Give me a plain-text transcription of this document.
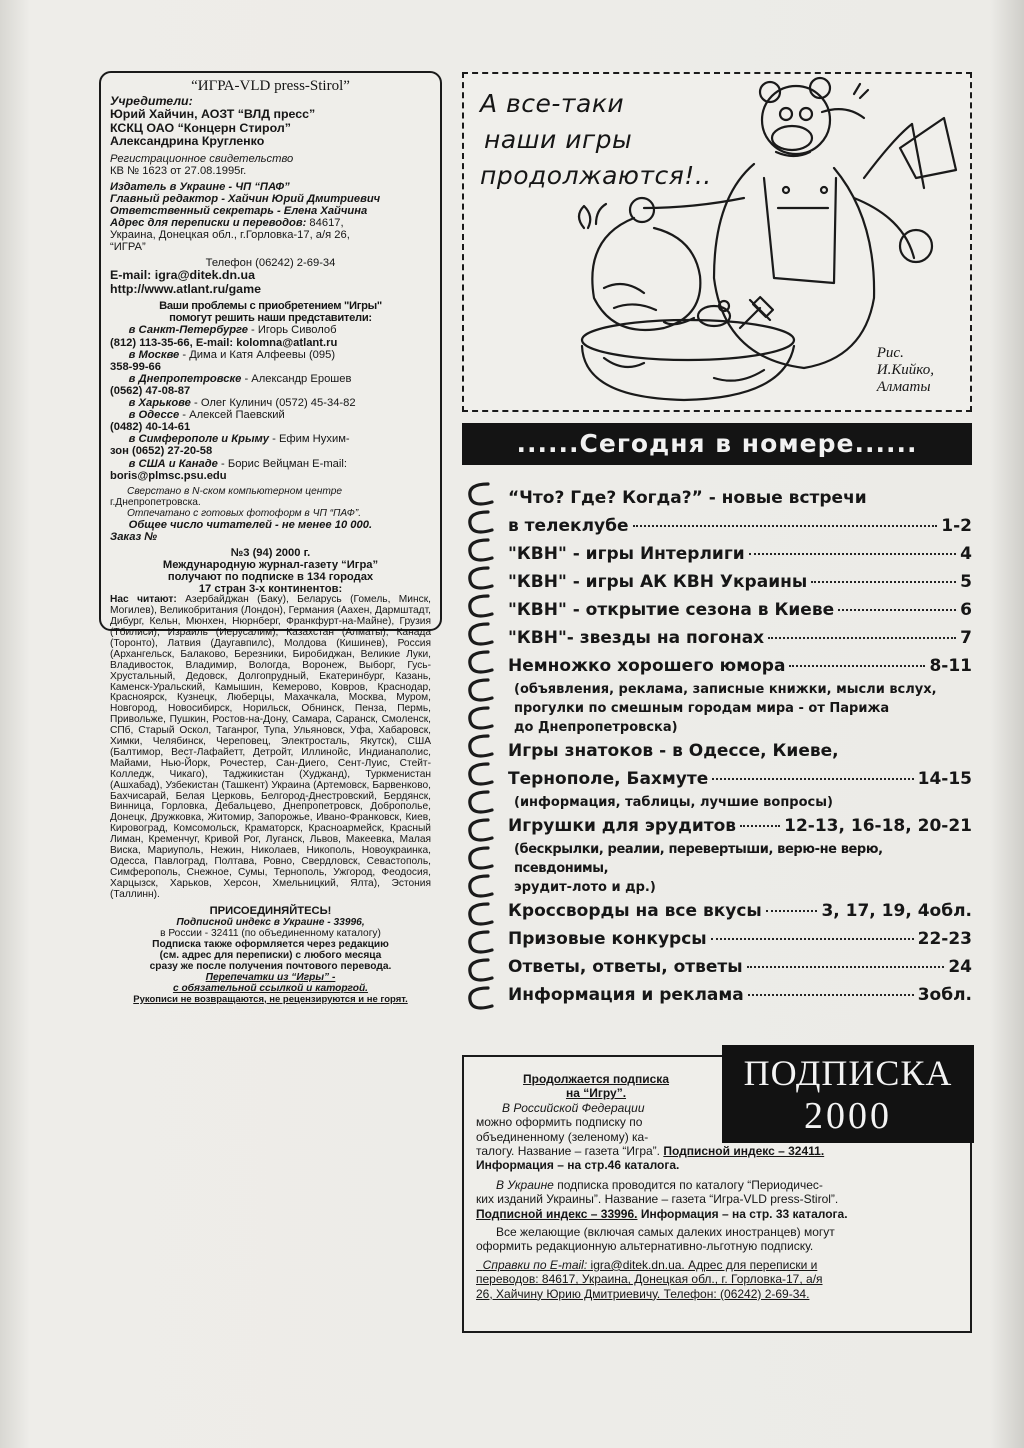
“ИГРА-VLD press-Stirol”

Учредители:

Юрий Хайчин, АОЗТ “ВЛД пресс”

КСКЦ ОАО “Концерн Стирол”

Александрина Кругленко

Регистрационное свидетельство

КВ № 1623 от 27.08.1995г.

Издатель в Украине - ЧП “ПАФ”

Главный редактор - Хайчин Юрий Дмитриевич

Ответственный секретарь - Елена Хайчина

Адрес для переписки и переводов: 84617,

Украина, Донецкая обл., г.Горловка-17, а/я 26,

“ИГРА”

Телефон (06242) 2-69-34

E-mail: igra@ditek.dn.ua

http://www.atlant.ru/game

Ваши проблемы с приобретением "Игры"

помогут решить наши представители:

в Санкт-Петербурге - Игорь Сиволоб

(812) 113-35-66, E-mail: kolomna@atlant.ru

в Москве - Дима и Катя Алфеевы (095)

358-99-66

в Днепропетровске - Александр Ерошев

(0562) 47-08-87

в Харькове - Олег Кулинич (0572) 45-34-82

в Одессе - Алексей Паевский

(0482) 40-14-61

в Симферополе и Крыму - Ефим Нухим-

зон (0652) 27-20-58

в США и Канаде - Борис Вейцман E-mail:

boris@plmsc.psu.edu

Сверстано в N-ском компьютерном центре

г.Днепропетровска.

Отпечатано с готовых фотоформ в ЧП “ПАФ”.

Общее число читателей - не менее 10 000.

Заказ №

№3 (94) 2000 г.

Международную журнал-газету “Игра”

получают по подписке в 134 городах

17 стран 3-х континентов:

Нас читают: Азербайджан (Баку), Беларусь (Гомель, Минск, Могилев), Великобритания (Лондон), Германия (Аахен, Дармштадт, Дибург, Кельн, Мюнхен, Нюрнберг, Франкфурт-на-Майне), Грузия (Тбилиси), Израиль (Иерусалим), Казахстан (Алматы), Канада (Торонто), Латвия (Даугавпилс), Молдова (Кишинев), Россия (Архангельск, Балаково, Березники, Биробиджан, Великие Луки, Владивосток, Владимир, Вологда, Воронеж, Выборг, Гусь-Хрустальный, Дедовск, Долгопрудный, Екатеринбург, Казань, Каменск-Уральский, Камышин, Кемерово, Ковров, Краснодар, Красноярск, Кузнецк, Люберцы, Махачкала, Москва, Муром, Новгород, Новосибирск, Норильск, Обнинск, Пенза, Пермь, Привольже, Пушкин, Ростов-на-Дону, Самара, Саранск, Смоленск, СПб, Старый Оскол, Таганрог, Тупа, Ульяновск, Уфа, Хабаровск, Химки, Челябинск, Череповец, Электросталь, Якутск), США (Балтимор, Вест-Лафайетт, Детройт, Иллинойс, Индианаполис, Майами, Нью-Йорк, Рочестер, Сан-Диего, Сент-Луис, Стейт-Колледж, Чикаго), Таджикистан (Худжанд), Туркменистан (Ашхабад), Узбекистан (Ташкент) Украина (Артемовск, Барвенково, Бахчисарай, Белая Церковь, Белгород-Днестровский, Бердянск, Винница, Горловка, Дебальцево, Днепропетровск, Доброполье, Донецк, Дружковка, Житомир, Запорожье, Ивано-Франковск, Киев, Кировоград, Комсомольск, Краматорск, Красноармейск, Красный Лиман, Кременчуг, Кривой Рог, Луганск, Львов, Макеевка, Малая Виска, Мариуполь, Нежин, Николаев, Никополь, Новоукраинка, Одесса, Павлоград, Полтава, Ровно, Свердловск, Севастополь, Симферополь, Снежное, Сумы, Тернополь, Ужгород, Феодосия, Харцызск, Харьков, Херсон, Хмельницкий, Ялта), Эстония (Таллинн).

ПРИСОЕДИНЯЙТЕСЬ!

Подписной индекс в Украине - 33996,

в России - 32411 (по объединенному каталогу)

Подписка также оформляется через редакцию

(см. адрес для переписки) с любого месяца

сразу же после получения почтового перевода.

Перепечатки из “Игры” -

с обязательной ссылкой и каторгой.

Рукописи не возвращаются, не рецензируются и не горят.

А все-таки
наши игры
продолжаются!..
Рис.
И.Кийко,
Алматы
......Сегодня в номере......
“Что? Где? Когда?” - новые встречи
в телеклубе	1-2
"КВН" - игры Интерлиги	4
"КВН" - игры АК КВН Украины	5
"КВН" - открытие сезона в Киеве	6
"КВН"- звезды на погонах	7
Немножко хорошего юмора	8-11
(объявления, реклама, записные книжки, мысли вслух,
прогулки по смешным городам мира - от Парижа
до Днепропетровска)
Игры знатоков - в Одессе, Киеве,
Тернополе, Бахмуте	14-15
(информация, таблицы, лучшие вопросы)
Игрушки для эрудитов	12-13, 16-18, 20-21
(бескрылки, реалии, перевертыши, верю-не верю, псевдонимы,
эрудит-лото и др.)
Кроссворды на все вкусы	3, 17, 19, 4обл.
Призовые конкурсы	22-23
Ответы, ответы, ответы	24
Информация и реклама	3обл.
ПОДПИСКА
2000

Продолжается подписка

на “Игру”.

В Российской Федерации

можно оформить подписку по

объединенному (зеленому) ка-

талогу. Название – газета “Игра”. Подписной индекс – 32411.

Информация – на стр.46 каталога.

В Украине подписка проводится по каталогу “Периодичес-

ких изданий Украины”. Название – газета “Игра-VLD press-Stirol”.

Подписной индекс – 33996. Информация – на стр. 33 каталога.

Все желающие (включая самых далеких иностранцев) могут

оформить редакционную альтернативно-льготную подписку.

Справки по E-mail: igra@ditek.dn.ua. Адрес для переписки и

переводов: 84617, Украина, Донецкая обл., г. Горловка-17, а/я

26, Хайчину Юрию Дмитриевичу. Телефон: (06242) 2-69-34.
